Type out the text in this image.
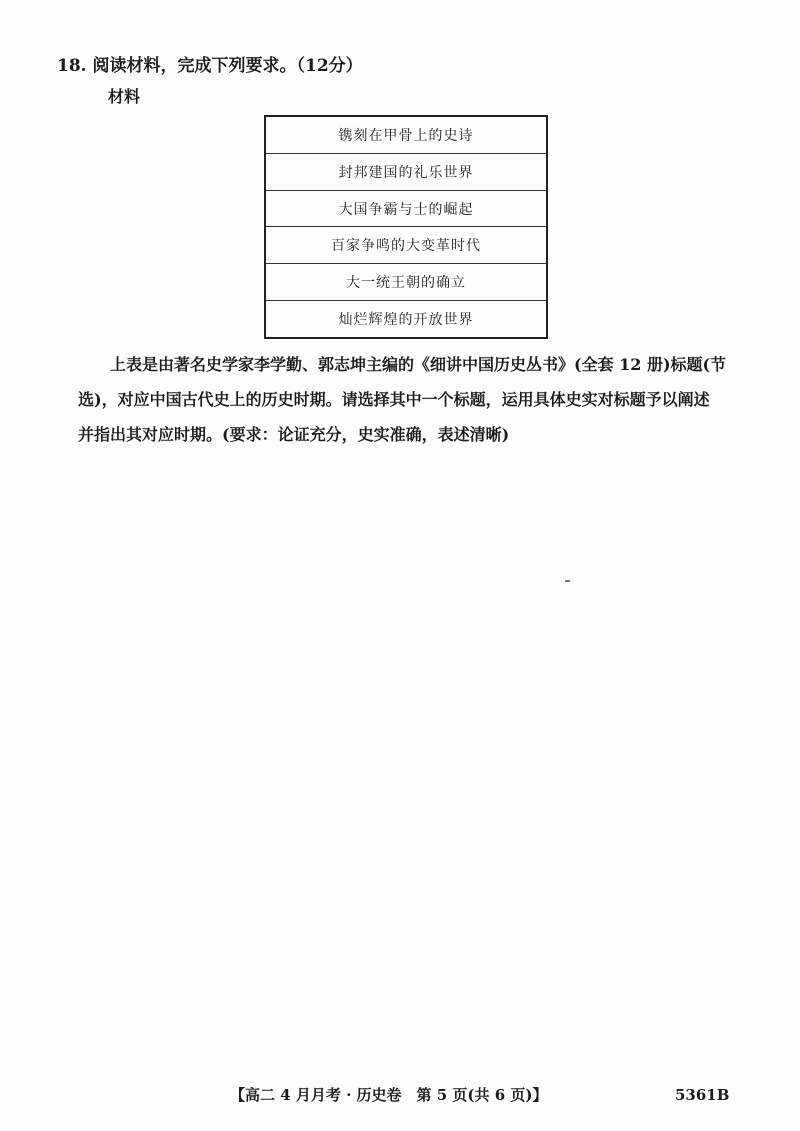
18. 阅读材料，完成下列要求。（12分）
材料
镌刻在甲骨上的史诗
封邦建国的礼乐世界
大国争霸与士的崛起
百家争鸣的大变革时代
大一统王朝的确立
灿烂辉煌的开放世界
上表是由著名史学家李学勤、郭志坤主编的《细讲中国历史丛书》(全套 12 册)标题(节
选)，对应中国古代史上的历史时期。请选择其中一个标题，运用具体史实对标题予以阐述
并指出其对应时期。(要求：论证充分，史实准确，表述清晰)
【高二 4 月月考 · 历史卷　第 5 页(共 6 页)】	5361B
